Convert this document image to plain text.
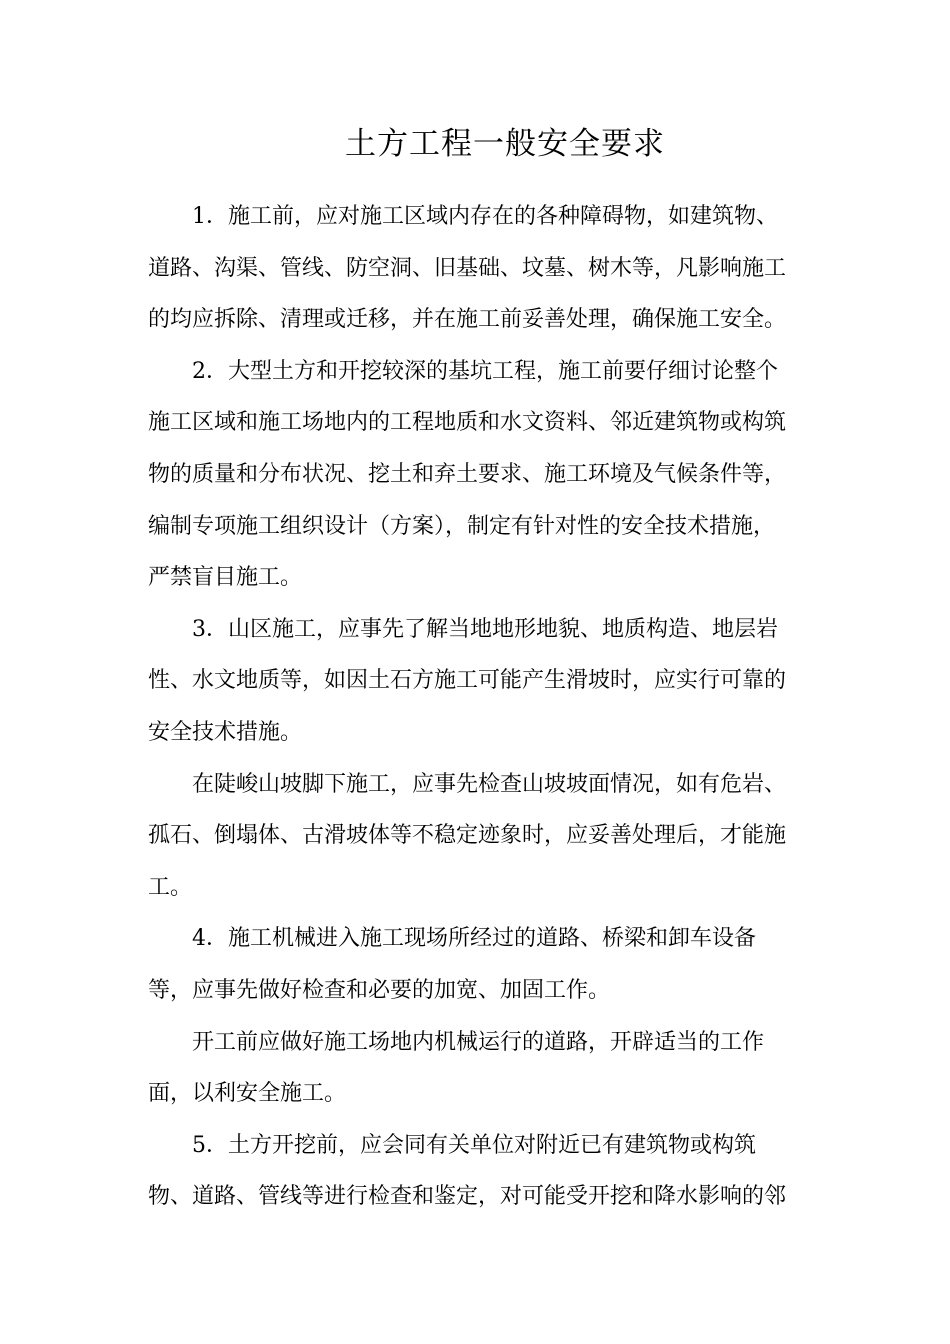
土方工程一般安全要求
1．施工前，应对施工区域内存在的各种障碍物，如建筑物、
道路、沟渠、管线、防空洞、旧基础、坟墓、树木等，凡影响施工
的均应拆除、清理或迁移，并在施工前妥善处理，确保施工安全。
2．大型土方和开挖较深的基坑工程，施工前要仔细讨论整个
施工区域和施工场地内的工程地质和水文资料、邻近建筑物或构筑
物的质量和分布状况、挖土和弃土要求、施工环境及气候条件等，
编制专项施工组织设计（方案），制定有针对性的安全技术措施，
严禁盲目施工。
3．山区施工，应事先了解当地地形地貌、地质构造、地层岩
性、水文地质等，如因土石方施工可能产生滑坡时，应实行可靠的
安全技术措施。
在陡峻山坡脚下施工，应事先检查山坡坡面情况，如有危岩、
孤石、倒塌体、古滑坡体等不稳定迹象时，应妥善处理后，才能施
工。
4．施工机械进入施工现场所经过的道路、桥梁和卸车设备
等，应事先做好检查和必要的加宽、加固工作。
开工前应做好施工场地内机械运行的道路，开辟适当的工作
面，以利安全施工。
5．土方开挖前，应会同有关单位对附近已有建筑物或构筑
物、道路、管线等进行检查和鉴定，对可能受开挖和降水影响的邻
